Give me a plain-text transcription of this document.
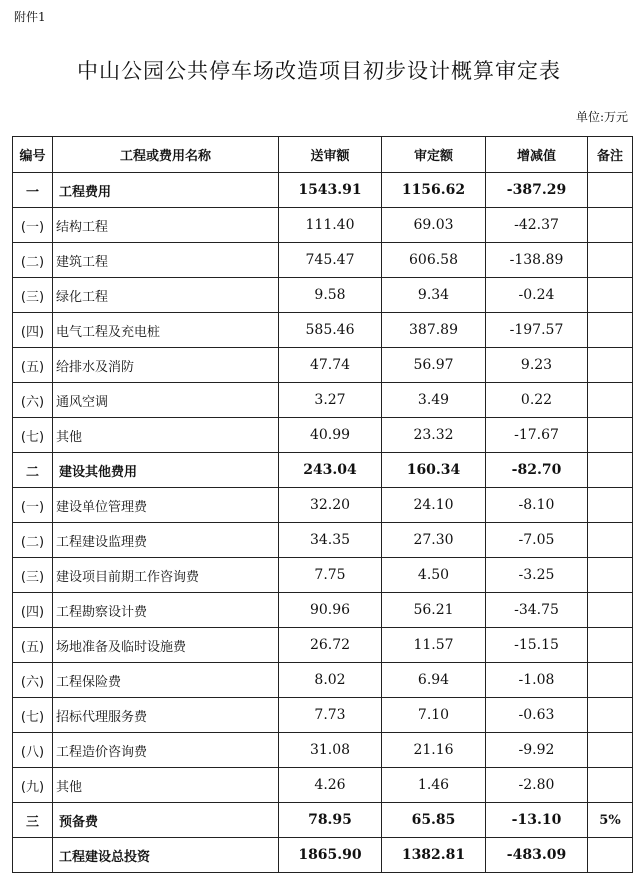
附件1
中山公园公共停车场改造项目初步设计概算审定表
单位:万元
编号	工程或费用名称	送审额	审定额	增减值	备注
一	工程费用	1543.91	1156.62	-387.29	
(一)	结构工程	111.40	69.03	-42.37	
(二)	建筑工程	745.47	606.58	-138.89	
(三)	绿化工程	9.58	9.34	-0.24	
(四)	电气工程及充电桩	585.46	387.89	-197.57	
(五)	给排水及消防	47.74	56.97	9.23	
(六)	通风空调	3.27	3.49	0.22	
(七)	其他	40.99	23.32	-17.67	
二	建设其他费用	243.04	160.34	-82.70	
(一)	建设单位管理费	32.20	24.10	-8.10	
(二)	工程建设监理费	34.35	27.30	-7.05	
(三)	建设项目前期工作咨询费	7.75	4.50	-3.25	
(四)	工程勘察设计费	90.96	56.21	-34.75	
(五)	场地准备及临时设施费	26.72	11.57	-15.15	
(六)	工程保险费	8.02	6.94	-1.08	
(七)	招标代理服务费	7.73	7.10	-0.63	
(八)	工程造价咨询费	31.08	21.16	-9.92	
(九)	其他	4.26	1.46	-2.80	
三	预备费	78.95	65.85	-13.10	5%
	工程建设总投资	1865.90	1382.81	-483.09	
